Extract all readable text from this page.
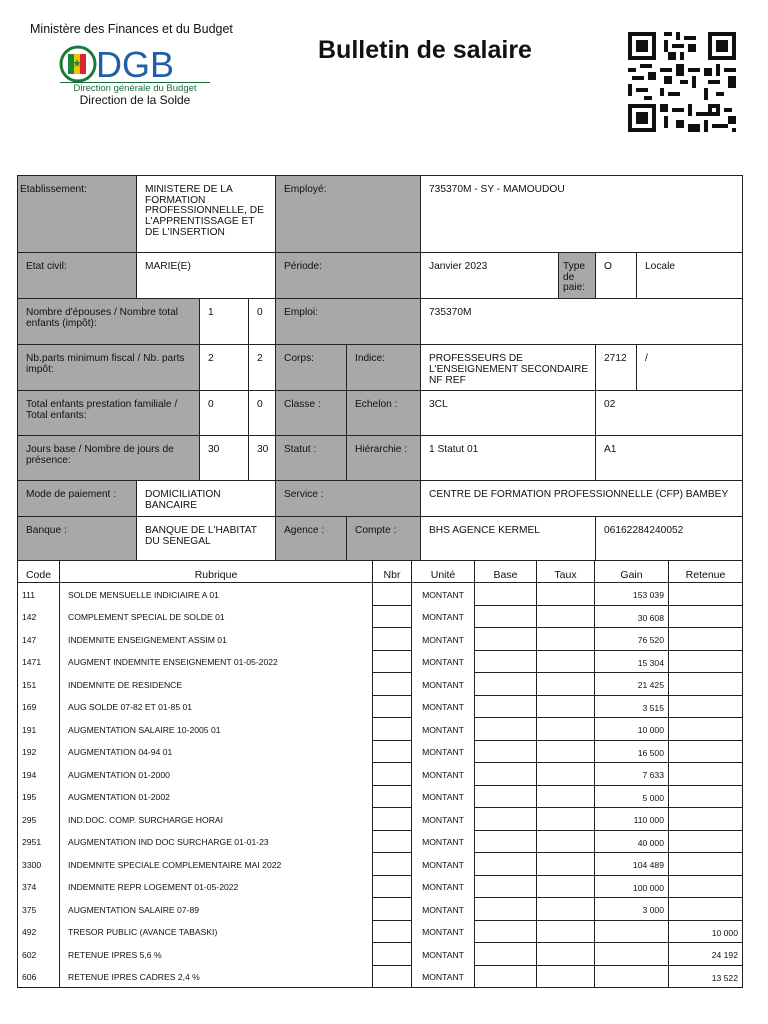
Ministère des Finances et du Budget
DGB
Direction générale du Budget
Direction de la Solde
Bulletin de salaire
Etablissement:	MINISTERE DE LA FORMATION PROFESSIONNELLE, DE L'APPRENTISSAGE ET DE L'INSERTION			Employé:		735370M - SY - MAMOUDOU			
Etat civil:	MARIE(E)			Période:		Janvier 2023	Type de paie:	O	Locale
Nombre d'épouses / Nombre total enfants (impôt):		1	0	Emploi:		735370M			
Nb.parts minimum fiscal / Nb. parts impôt:		2	2	Corps:	Indice:	PROFESSEURS DE L'ENSEIGNEMENT SECONDAIRE NF REF		2712	/
Total enfants prestation familiale / Total enfants:		0	0	Classe :	Echelon :	3CL		02	
Jours base / Nombre de jours de présence:		30	30	Statut :	Hiérarchie :	1 Statut 01		A1	
Mode de paiement :	DOMICILIATION BANCAIRE			Service :		CENTRE DE FORMATION PROFESSIONNELLE (CFP) BAMBEY			
Banque :	BANQUE DE L'HABITAT DU SENEGAL			Agence :	Compte :	BHS AGENCE KERMEL		06162284240052	
Code	Rubrique	Nbr	Unité	Base	Taux	Gain	Retenue
111	SOLDE MENSUELLE INDICIAIRE A 01		MONTANT			153 039	
142	COMPLEMENT SPECIAL DE SOLDE 01		MONTANT			30 608	
147	INDEMNITE ENSEIGNEMENT ASSIM 01		MONTANT			76 520	
1471	AUGMENT INDEMNITE ENSEIGNEMENT 01-05-2022		MONTANT			15 304	
151	INDEMNITE DE RESIDENCE		MONTANT			21 425	
169	AUG SOLDE 07-82 ET 01-85 01		MONTANT			3 515	
191	AUGMENTATION SALAIRE 10-2005 01		MONTANT			10 000	
192	AUGMENTATION 04-94 01		MONTANT			16 500	
194	AUGMENTATION 01-2000		MONTANT			7 633	
195	AUGMENTATION 01-2002		MONTANT			5 000	
295	IND.DOC. COMP. SURCHARGE HORAI		MONTANT			110 000	
2951	AUGMENTATION IND DOC SURCHARGE 01-01-23		MONTANT			40 000	
3300	INDEMNITE SPECIALE COMPLEMENTAIRE MAI 2022		MONTANT			104 489	
374	INDEMNITE REPR LOGEMENT 01-05-2022		MONTANT			100 000	
375	AUGMENTATION SALAIRE 07-89		MONTANT			3 000	
492	TRESOR PUBLIC (AVANCE TABASKI)		MONTANT				10 000
602	RETENUE IPRES 5,6 %		MONTANT				24 192
606	RETENUE IPRES CADRES 2,4 %		MONTANT				13 522
